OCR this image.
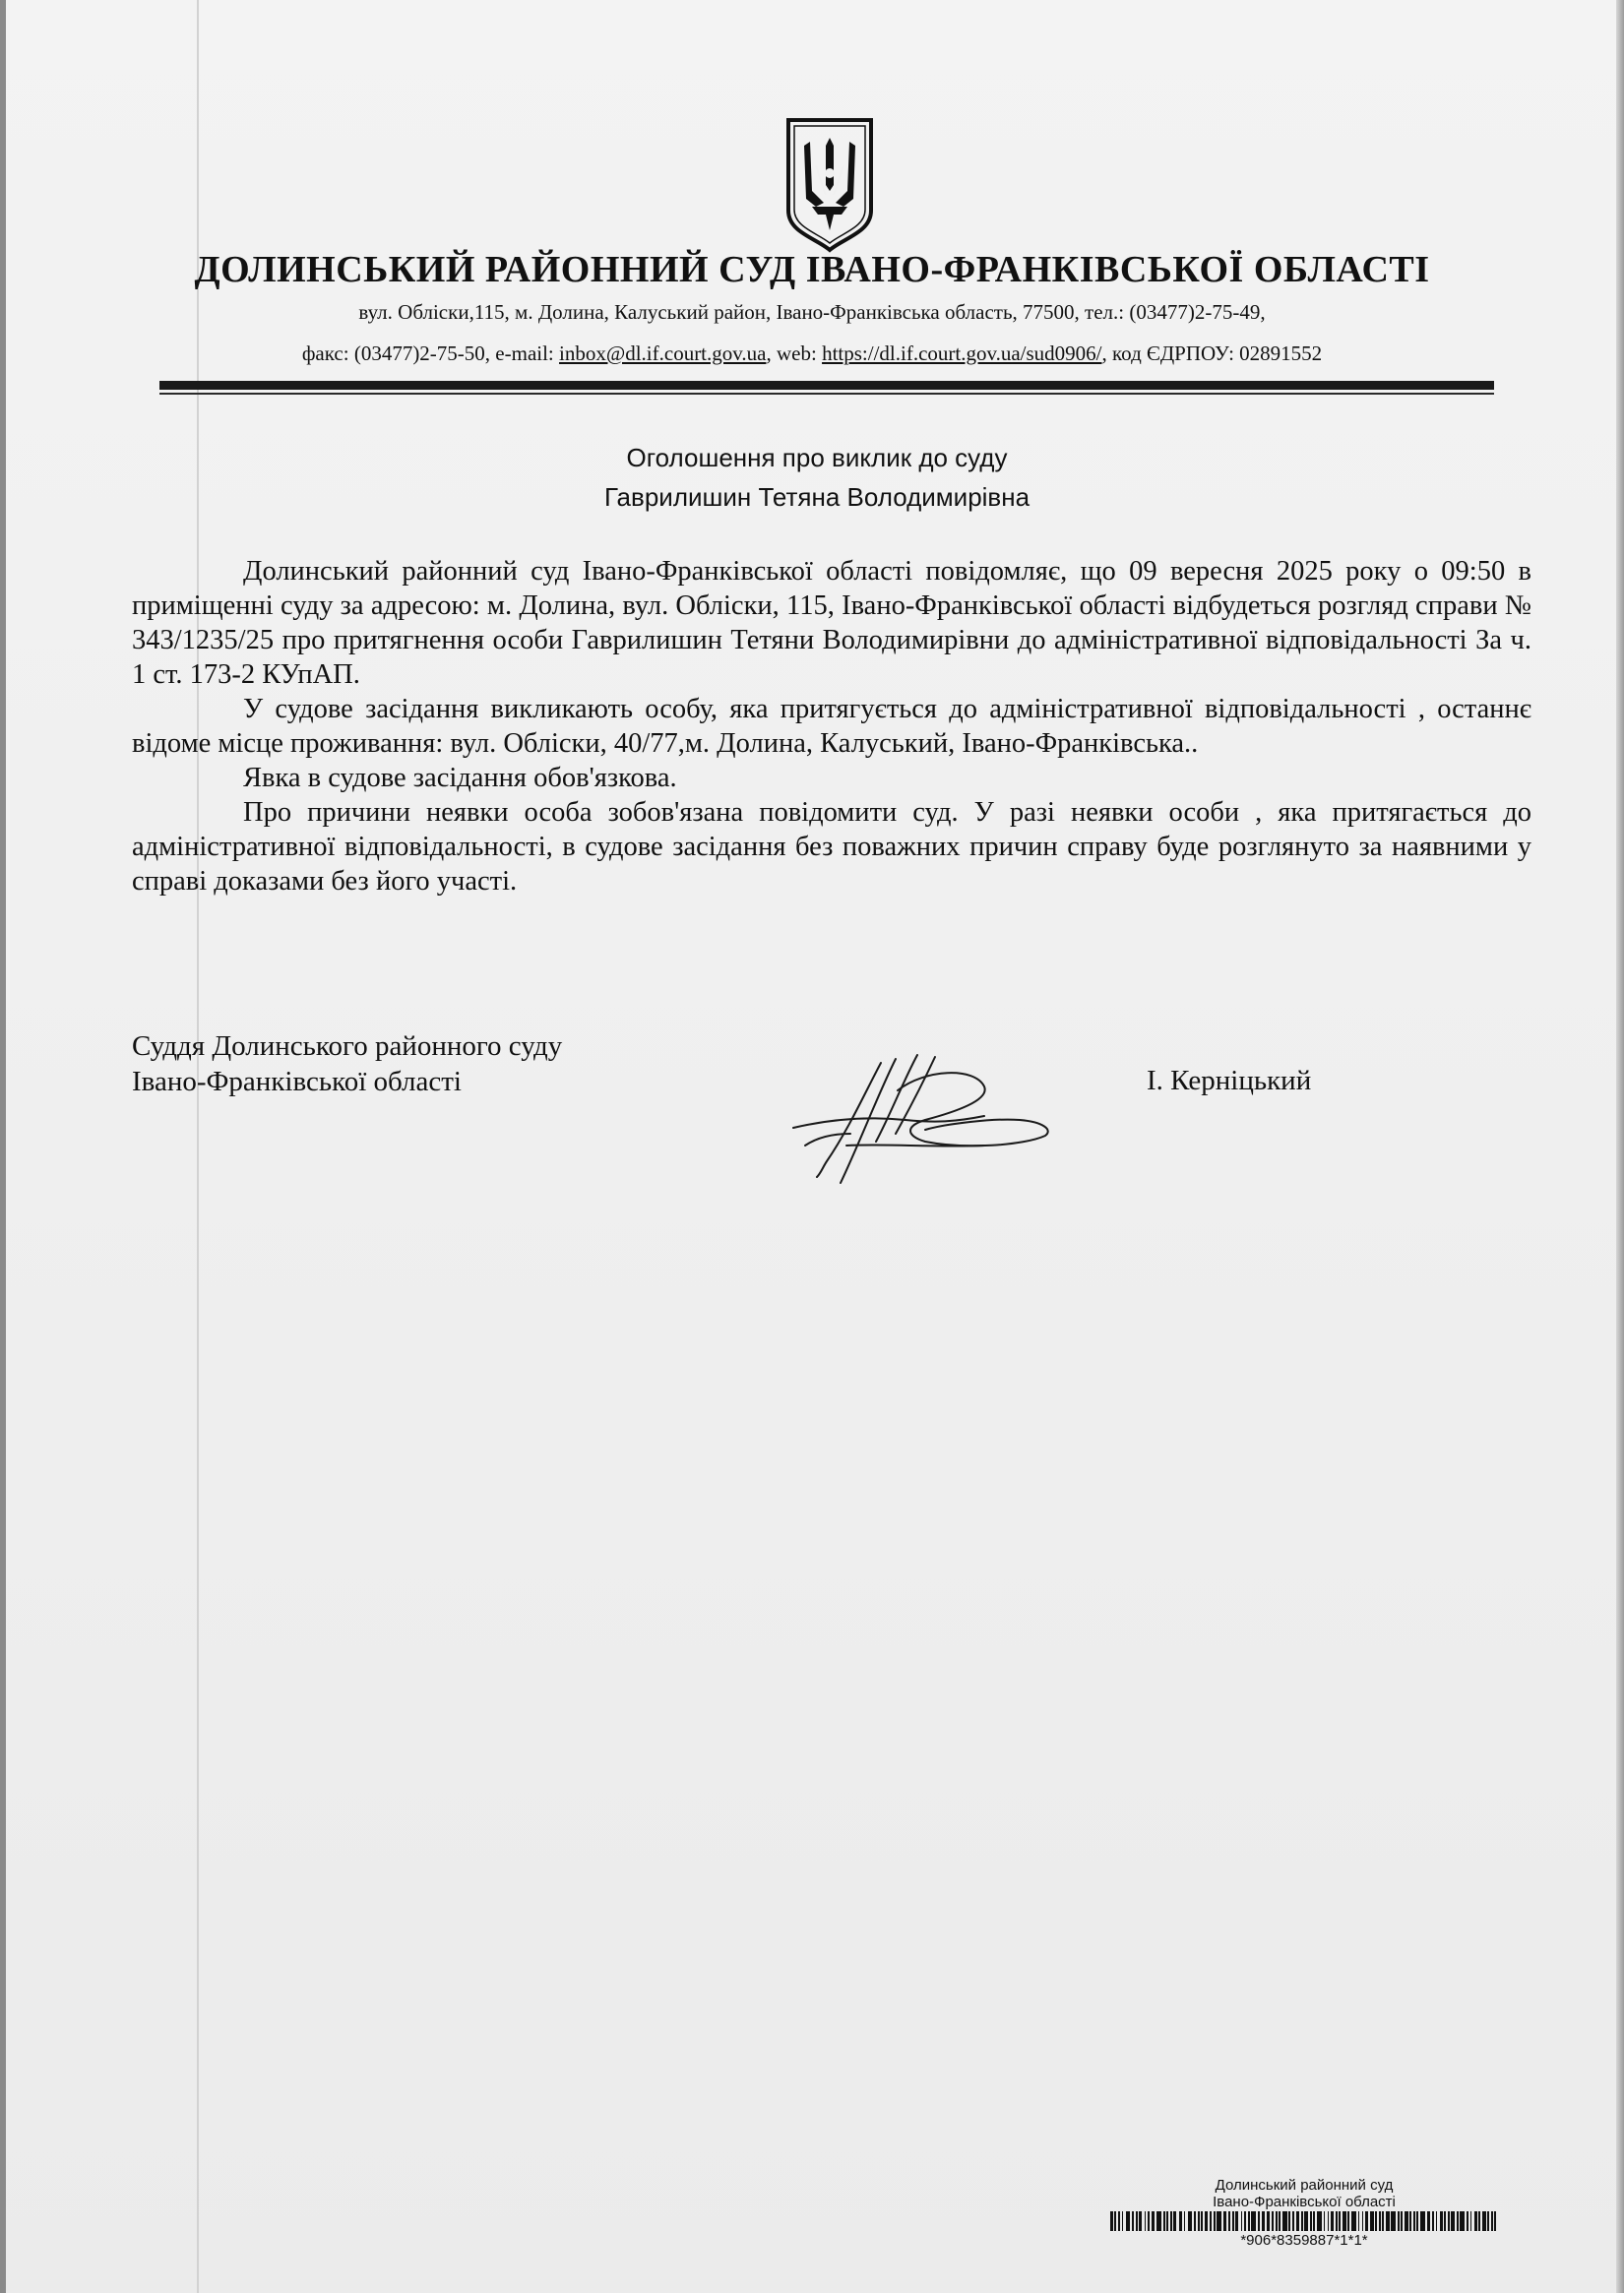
ДОЛИНСЬКИЙ РАЙОННИЙ СУД ІВАНО-ФРАНКІВСЬКОЇ ОБЛАСТІ
вул. Обліски,115, м. Долина, Калуський район, Івано-Франківська область, 77500, тел.: (03477)2-75-49,
факс: (03477)2-75-50, e-mail: inbox@dl.if.court.gov.ua, web: https://dl.if.court.gov.ua/sud0906/, код ЄДРПОУ: 02891552
Оголошення про виклик до суду
Гаврилишин Тетяна Володимирівна

Долинський районний суд Івано-Франківської області повідомляє, що 09 вересня 2025 року о 09:50 в приміщенні суду за адресою: м. Долина, вул. Обліски, 115, Івано-Франківської області відбудеться розгляд справи № 343/1235/25 про притягнення особи Гаврилишин Тетяни Володимирівни до адміністративної відповідальності За ч. 1 ст. 173-2 КУпАП.

У судове засідання викликають особу, яка притягується до адміністративної відповідальності , останнє відоме місце проживання: вул. Обліски, 40/77,м. Долина, Калуський, Івано-Франківська..

Явка в судове засідання обов'язкова.

Про причини неявки особа зобов'язана повідомити суд. У разі неявки особи , яка притягається до адміністративної відповідальності, в судове засідання без поважних причин справу буде розглянуто за наявними у справі доказами без його участі.

Суддя Долинського районного суду
Івано-Франківської області	І. Керніцький
Долинський районний суд
Івано-Франківської області
*906*8359887*1*1*
